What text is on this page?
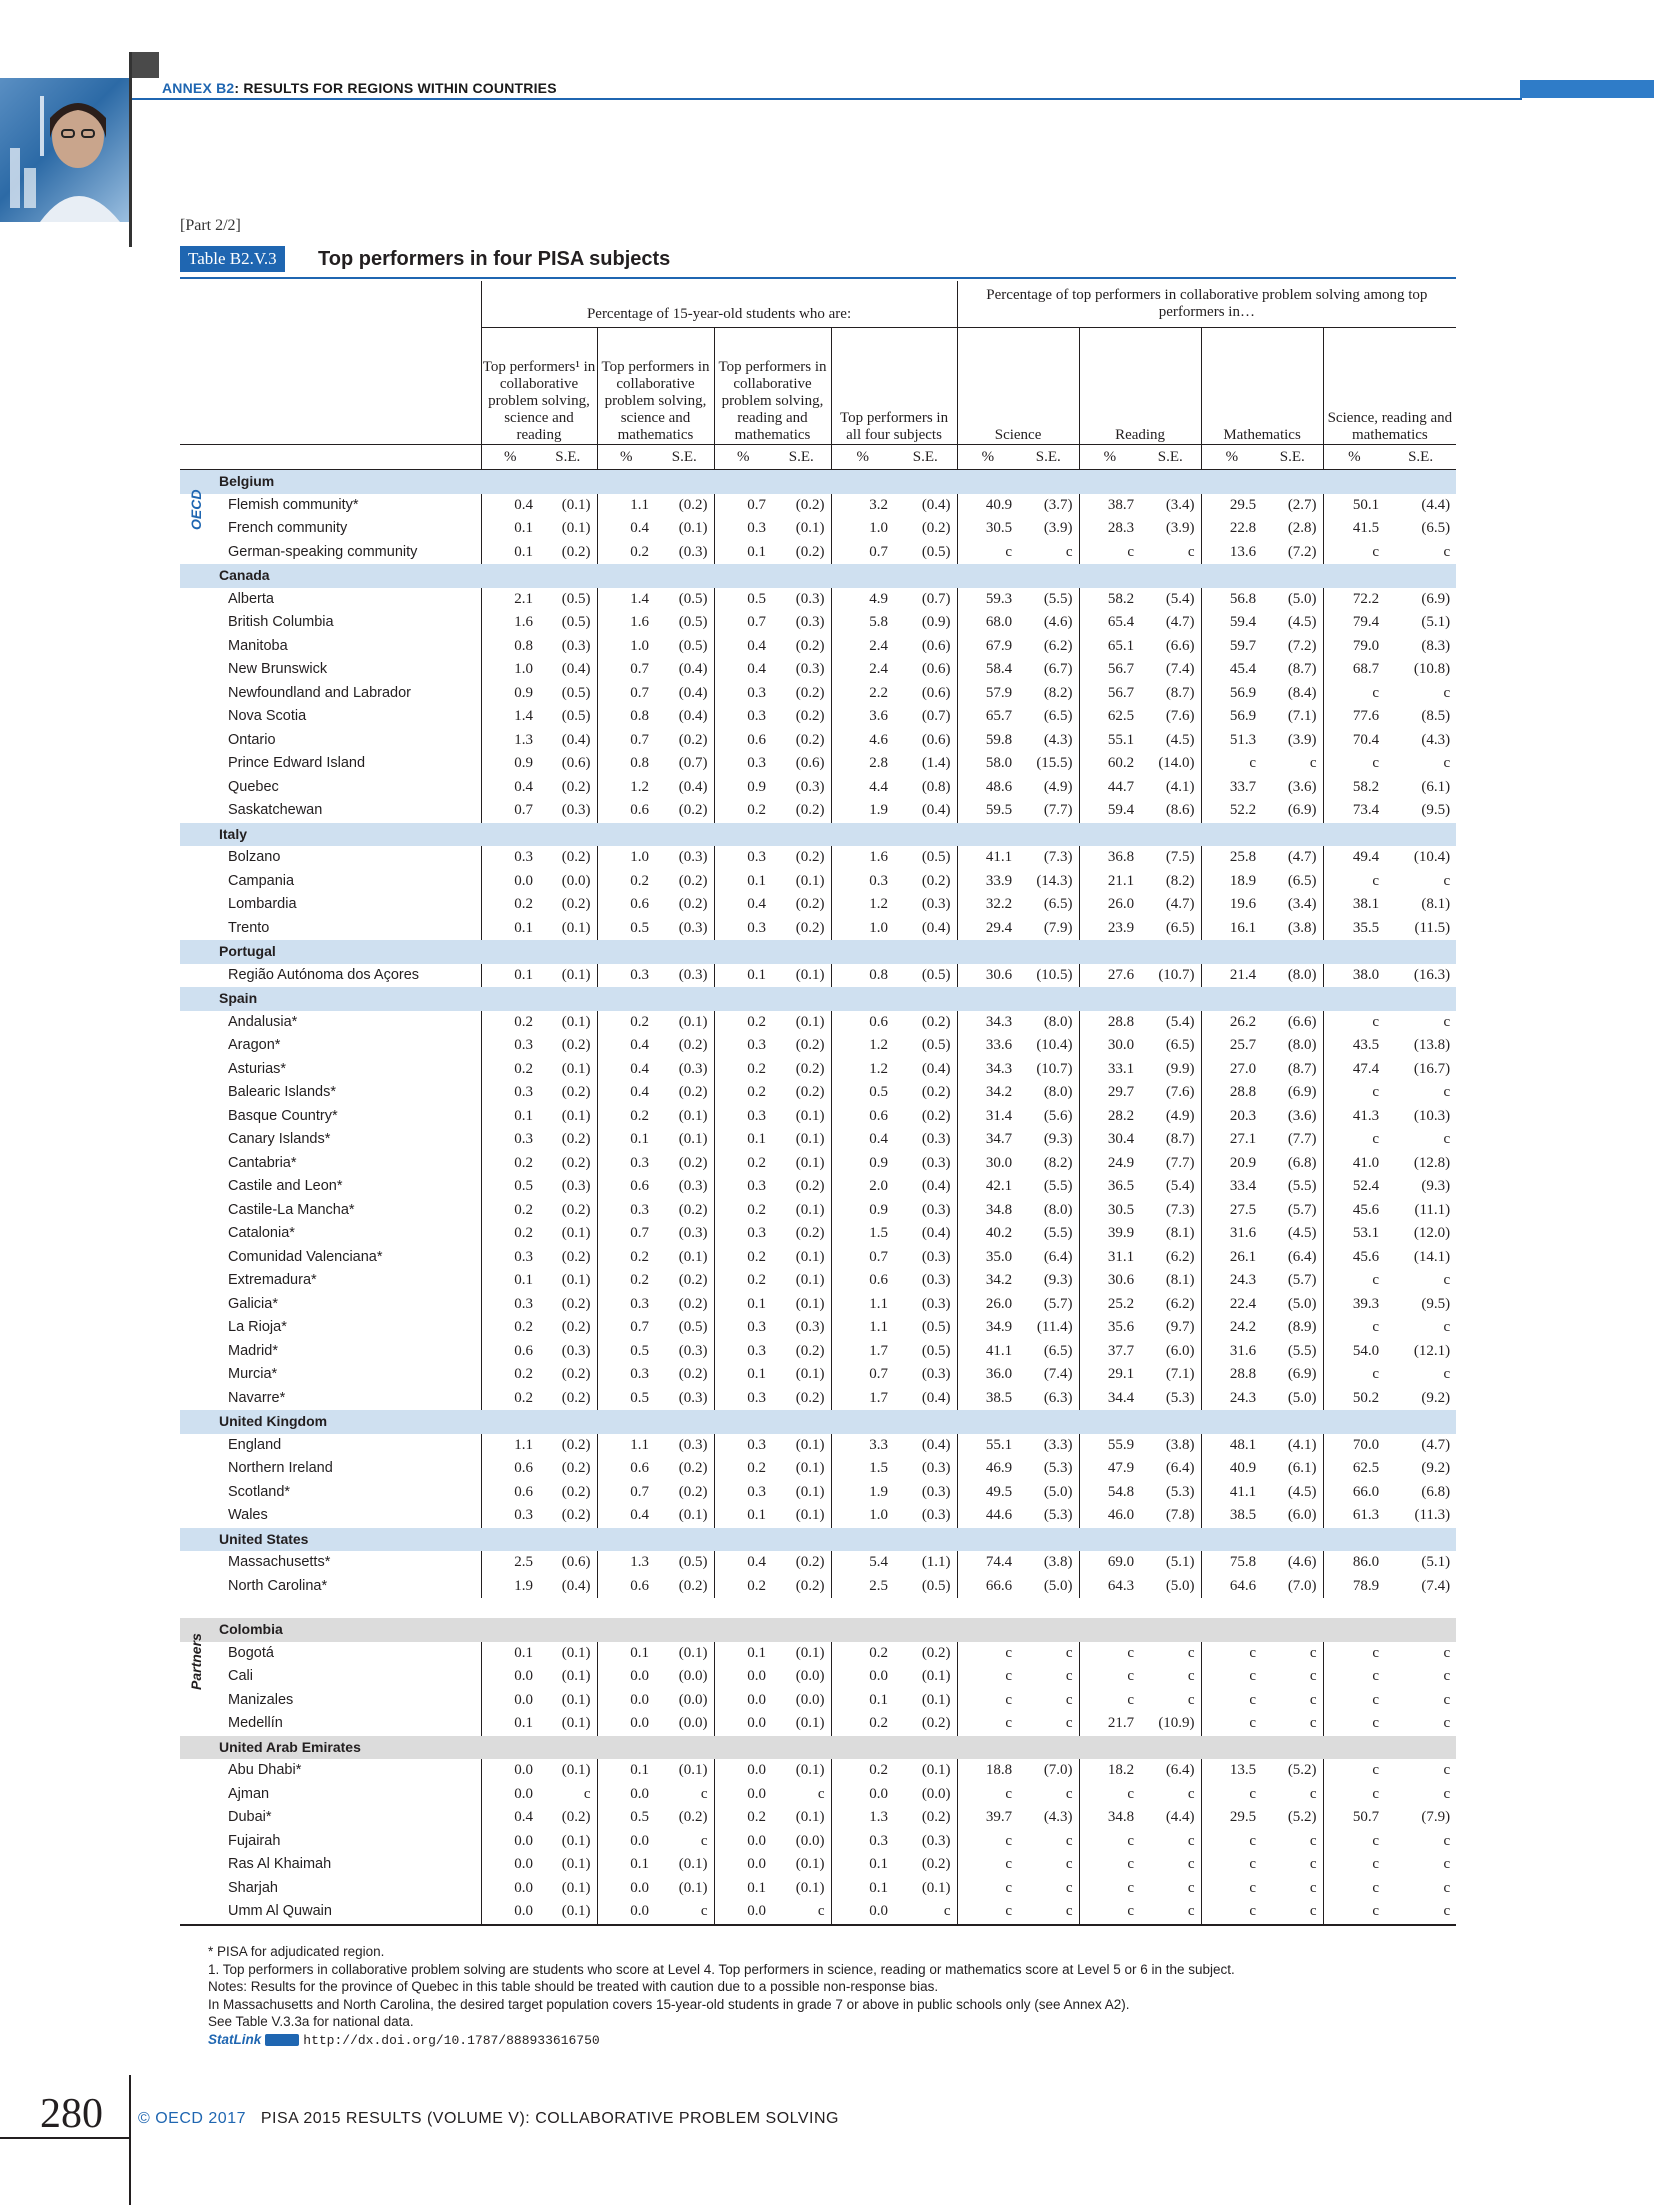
ANNEX B2: RESULTS FOR REGIONS WITHIN COUNTRIES
[Part 2/2]
Table B2.V.3	Top performers in four PISA subjects
	Percentage of 15-year-old students who are:								Percentage of top performers in collaborative problem solving among top performers in…							
	Top performers¹ in collaborative problem solving, science and reading		Top performers in collaborative problem solving, science and mathematics		Top performers in collaborative problem solving, reading and mathematics		Top performers in all four subjects		Science		Reading		Mathematics		Science, reading and mathematics	
	%	S.E.	%	S.E.	%	S.E.	%	S.E.	%	S.E.	%	S.E.	%	S.E.	%	S.E.
Belgium																
Flemish community*	0.4	(0.1)	1.1	(0.2)	0.7	(0.2)	3.2	(0.4)	40.9	(3.7)	38.7	(3.4)	29.5	(2.7)	50.1	(4.4)
French community	0.1	(0.1)	0.4	(0.1)	0.3	(0.1)	1.0	(0.2)	30.5	(3.9)	28.3	(3.9)	22.8	(2.8)	41.5	(6.5)
German-speaking community	0.1	(0.2)	0.2	(0.3)	0.1	(0.2)	0.7	(0.5)	c	c	c	c	13.6	(7.2)	c	c
Canada																
Alberta	2.1	(0.5)	1.4	(0.5)	0.5	(0.3)	4.9	(0.7)	59.3	(5.5)	58.2	(5.4)	56.8	(5.0)	72.2	(6.9)
British Columbia	1.6	(0.5)	1.6	(0.5)	0.7	(0.3)	5.8	(0.9)	68.0	(4.6)	65.4	(4.7)	59.4	(4.5)	79.4	(5.1)
Manitoba	0.8	(0.3)	1.0	(0.5)	0.4	(0.2)	2.4	(0.6)	67.9	(6.2)	65.1	(6.6)	59.7	(7.2)	79.0	(8.3)
New Brunswick	1.0	(0.4)	0.7	(0.4)	0.4	(0.3)	2.4	(0.6)	58.4	(6.7)	56.7	(7.4)	45.4	(8.7)	68.7	(10.8)
Newfoundland and Labrador	0.9	(0.5)	0.7	(0.4)	0.3	(0.2)	2.2	(0.6)	57.9	(8.2)	56.7	(8.7)	56.9	(8.4)	c	c
Nova Scotia	1.4	(0.5)	0.8	(0.4)	0.3	(0.2)	3.6	(0.7)	65.7	(6.5)	62.5	(7.6)	56.9	(7.1)	77.6	(8.5)
Ontario	1.3	(0.4)	0.7	(0.2)	0.6	(0.2)	4.6	(0.6)	59.8	(4.3)	55.1	(4.5)	51.3	(3.9)	70.4	(4.3)
Prince Edward Island	0.9	(0.6)	0.8	(0.7)	0.3	(0.6)	2.8	(1.4)	58.0	(15.5)	60.2	(14.0)	c	c	c	c
Quebec	0.4	(0.2)	1.2	(0.4)	0.9	(0.3)	4.4	(0.8)	48.6	(4.9)	44.7	(4.1)	33.7	(3.6)	58.2	(6.1)
Saskatchewan	0.7	(0.3)	0.6	(0.2)	0.2	(0.2)	1.9	(0.4)	59.5	(7.7)	59.4	(8.6)	52.2	(6.9)	73.4	(9.5)
Italy																
Bolzano	0.3	(0.2)	1.0	(0.3)	0.3	(0.2)	1.6	(0.5)	41.1	(7.3)	36.8	(7.5)	25.8	(4.7)	49.4	(10.4)
Campania	0.0	(0.0)	0.2	(0.2)	0.1	(0.1)	0.3	(0.2)	33.9	(14.3)	21.1	(8.2)	18.9	(6.5)	c	c
Lombardia	0.2	(0.2)	0.6	(0.2)	0.4	(0.2)	1.2	(0.3)	32.2	(6.5)	26.0	(4.7)	19.6	(3.4)	38.1	(8.1)
Trento	0.1	(0.1)	0.5	(0.3)	0.3	(0.2)	1.0	(0.4)	29.4	(7.9)	23.9	(6.5)	16.1	(3.8)	35.5	(11.5)
Portugal																
Região Autónoma dos Açores	0.1	(0.1)	0.3	(0.3)	0.1	(0.1)	0.8	(0.5)	30.6	(10.5)	27.6	(10.7)	21.4	(8.0)	38.0	(16.3)
Spain																
Andalusia*	0.2	(0.1)	0.2	(0.1)	0.2	(0.1)	0.6	(0.2)	34.3	(8.0)	28.8	(5.4)	26.2	(6.6)	c	c
Aragon*	0.3	(0.2)	0.4	(0.2)	0.3	(0.2)	1.2	(0.5)	33.6	(10.4)	30.0	(6.5)	25.7	(8.0)	43.5	(13.8)
Asturias*	0.2	(0.1)	0.4	(0.3)	0.2	(0.2)	1.2	(0.4)	34.3	(10.7)	33.1	(9.9)	27.0	(8.7)	47.4	(16.7)
Balearic Islands*	0.3	(0.2)	0.4	(0.2)	0.2	(0.2)	0.5	(0.2)	34.2	(8.0)	29.7	(7.6)	28.8	(6.9)	c	c
Basque Country*	0.1	(0.1)	0.2	(0.1)	0.3	(0.1)	0.6	(0.2)	31.4	(5.6)	28.2	(4.9)	20.3	(3.6)	41.3	(10.3)
Canary Islands*	0.3	(0.2)	0.1	(0.1)	0.1	(0.1)	0.4	(0.3)	34.7	(9.3)	30.4	(8.7)	27.1	(7.7)	c	c
Cantabria*	0.2	(0.2)	0.3	(0.2)	0.2	(0.1)	0.9	(0.3)	30.0	(8.2)	24.9	(7.7)	20.9	(6.8)	41.0	(12.8)
Castile and Leon*	0.5	(0.3)	0.6	(0.3)	0.3	(0.2)	2.0	(0.4)	42.1	(5.5)	36.5	(5.4)	33.4	(5.5)	52.4	(9.3)
Castile-La Mancha*	0.2	(0.2)	0.3	(0.2)	0.2	(0.1)	0.9	(0.3)	34.8	(8.0)	30.5	(7.3)	27.5	(5.7)	45.6	(11.1)
Catalonia*	0.2	(0.1)	0.7	(0.3)	0.3	(0.2)	1.5	(0.4)	40.2	(5.5)	39.9	(8.1)	31.6	(4.5)	53.1	(12.0)
Comunidad Valenciana*	0.3	(0.2)	0.2	(0.1)	0.2	(0.1)	0.7	(0.3)	35.0	(6.4)	31.1	(6.2)	26.1	(6.4)	45.6	(14.1)
Extremadura*	0.1	(0.1)	0.2	(0.2)	0.2	(0.1)	0.6	(0.3)	34.2	(9.3)	30.6	(8.1)	24.3	(5.7)	c	c
Galicia*	0.3	(0.2)	0.3	(0.2)	0.1	(0.1)	1.1	(0.3)	26.0	(5.7)	25.2	(6.2)	22.4	(5.0)	39.3	(9.5)
La Rioja*	0.2	(0.2)	0.7	(0.5)	0.3	(0.3)	1.1	(0.5)	34.9	(11.4)	35.6	(9.7)	24.2	(8.9)	c	c
Madrid*	0.6	(0.3)	0.5	(0.3)	0.3	(0.2)	1.7	(0.5)	41.1	(6.5)	37.7	(6.0)	31.6	(5.5)	54.0	(12.1)
Murcia*	0.2	(0.2)	0.3	(0.2)	0.1	(0.1)	0.7	(0.3)	36.0	(7.4)	29.1	(7.1)	28.8	(6.9)	c	c
Navarre*	0.2	(0.2)	0.5	(0.3)	0.3	(0.2)	1.7	(0.4)	38.5	(6.3)	34.4	(5.3)	24.3	(5.0)	50.2	(9.2)
United Kingdom																
England	1.1	(0.2)	1.1	(0.3)	0.3	(0.1)	3.3	(0.4)	55.1	(3.3)	55.9	(3.8)	48.1	(4.1)	70.0	(4.7)
Northern Ireland	0.6	(0.2)	0.6	(0.2)	0.2	(0.1)	1.5	(0.3)	46.9	(5.3)	47.9	(6.4)	40.9	(6.1)	62.5	(9.2)
Scotland*	0.6	(0.2)	0.7	(0.2)	0.3	(0.1)	1.9	(0.3)	49.5	(5.0)	54.8	(5.3)	41.1	(4.5)	66.0	(6.8)
Wales	0.3	(0.2)	0.4	(0.1)	0.1	(0.1)	1.0	(0.3)	44.6	(5.3)	46.0	(7.8)	38.5	(6.0)	61.3	(11.3)
United States																
Massachusetts*	2.5	(0.6)	1.3	(0.5)	0.4	(0.2)	5.4	(1.1)	74.4	(3.8)	69.0	(5.1)	75.8	(4.6)	86.0	(5.1)
North Carolina*	1.9	(0.4)	0.6	(0.2)	0.2	(0.2)	2.5	(0.5)	66.6	(5.0)	64.3	(5.0)	64.6	(7.0)	78.9	(7.4)

Colombia																
Bogotá	0.1	(0.1)	0.1	(0.1)	0.1	(0.1)	0.2	(0.2)	c	c	c	c	c	c	c	c
Cali	0.0	(0.1)	0.0	(0.0)	0.0	(0.0)	0.0	(0.1)	c	c	c	c	c	c	c	c
Manizales	0.0	(0.1)	0.0	(0.0)	0.0	(0.0)	0.1	(0.1)	c	c	c	c	c	c	c	c
Medellín	0.1	(0.1)	0.0	(0.0)	0.0	(0.1)	0.2	(0.2)	c	c	21.7	(10.9)	c	c	c	c
United Arab Emirates																
Abu Dhabi*	0.0	(0.1)	0.1	(0.1)	0.0	(0.1)	0.2	(0.1)	18.8	(7.0)	18.2	(6.4)	13.5	(5.2)	c	c
Ajman	0.0	c	0.0	c	0.0	c	0.0	(0.0)	c	c	c	c	c	c	c	c
Dubai*	0.4	(0.2)	0.5	(0.2)	0.2	(0.1)	1.3	(0.2)	39.7	(4.3)	34.8	(4.4)	29.5	(5.2)	50.7	(7.9)
Fujairah	0.0	(0.1)	0.0	c	0.0	(0.0)	0.3	(0.3)	c	c	c	c	c	c	c	c
Ras Al Khaimah	0.0	(0.1)	0.1	(0.1)	0.0	(0.1)	0.1	(0.2)	c	c	c	c	c	c	c	c
Sharjah	0.0	(0.1)	0.0	(0.1)	0.1	(0.1)	0.1	(0.1)	c	c	c	c	c	c	c	c
Umm Al Quwain	0.0	(0.1)	0.0	c	0.0	c	0.0	c	c	c	c	c	c	c	c	c
OECD
Partners
* PISA for adjudicated region.
1. Top performers in collaborative problem solving are students who score at Level 4. Top performers in science, reading or mathematics score at Level 5 or 6 in the subject.
Notes: Results for the province of Quebec in this table should be treated with caution due to a possible non-response bias.
In Massachusetts and North Carolina, the desired target population covers 15-year-old students in grade 7 or above in public schools only (see Annex A2).
See Table V.3.3a for national data.
StatLink	http://dx.doi.org/10.1787/888933616750
280 © OECD 2017 PISA 2015 RESULTS (VOLUME V): COLLABORATIVE PROBLEM SOLVING
